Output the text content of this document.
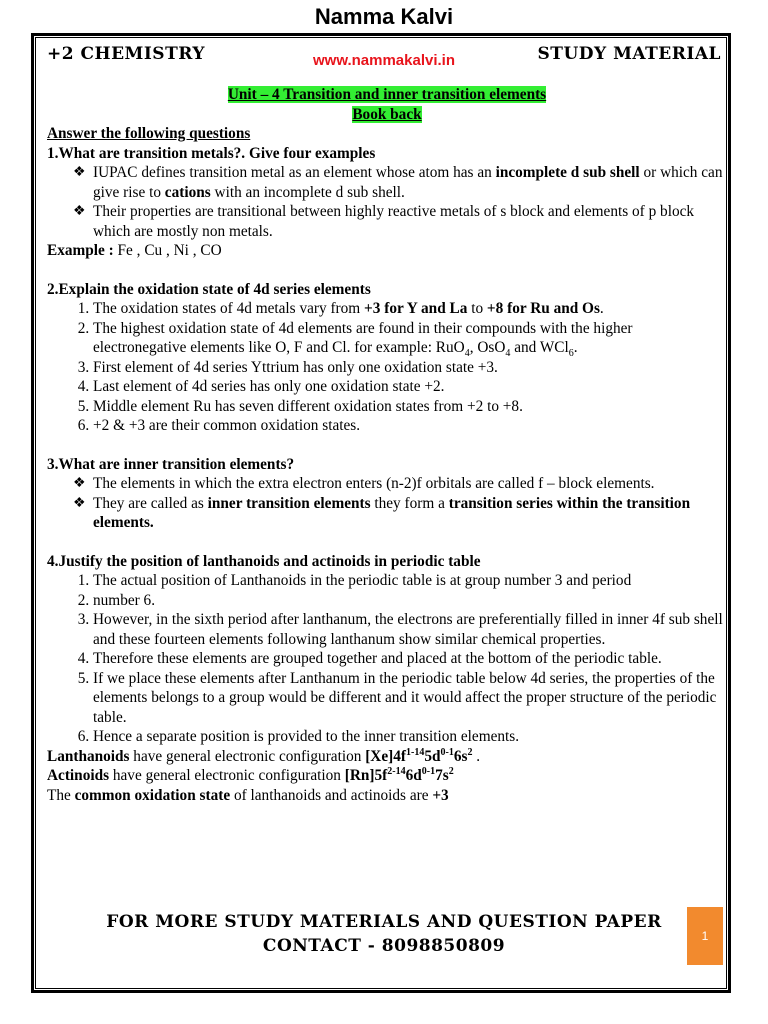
Namma Kalvi
+2 CHEMISTRY	www.nammakalvi.in	STUDY MATERIAL
Unit – 4 Transition and inner transition elements
Book back
Answer the following questions
1.What are transition metals?. Give four examples
❖ IUPAC defines transition metal as an element whose atom has an incomplete d sub shell or which can give rise to cations with an incomplete d sub shell.
❖ Their properties are transitional between highly reactive metals of s block and elements of p block which are mostly non metals.
Example : Fe , Cu , Ni , CO
2.Explain the oxidation state of 4d series elements
1. The oxidation states of 4d metals vary from +3 for Y and La to +8 for Ru and Os.
2. The highest oxidation state of 4d elements are found in their compounds with the higher electronegative elements like O, F and Cl. for example: RuO$_4$, OsO$_4$ and WCl$_6$.
3. First element of 4d series Yttrium has only one oxidation state +3.
4. Last element of 4d series has only one oxidation state +2.
5. Middle element Ru has seven different oxidation states from +2 to +8.
6. +2 & +3 are their common oxidation states.
3.What are inner transition elements?
❖ The elements in which the extra electron enters (n-2)f orbitals are called f – block elements.
❖ They are called as inner transition elements they form a transition series within the transition elements.
4.Justify the position of lanthanoids and actinoids in periodic table
1. The actual position of Lanthanoids in the periodic table is at group number 3 and period
2. number 6.
3. However, in the sixth period after lanthanum, the electrons are preferentially filled in inner 4f sub shell and these fourteen elements following lanthanum show similar chemical properties.
4. Therefore these elements are grouped together and placed at the bottom of the periodic table.
5. If we place these elements after Lanthanum in the periodic table below 4d series, the properties of the elements belongs to a group would be different and it would affect the proper structure of the periodic table.
6. Hence a separate position is provided to the inner transition elements.
Lanthanoids have general electronic configuration $[Xe]4f^{1-14}5d^{0-1}6s^2$ .
Actinoids have general electronic configuration $[Rn]5f^{2-14}6d^{0-1}7s^2$
The common oxidation state of lanthanoids and actinoids are +3
FOR MORE STUDY MATERIALS AND QUESTION PAPER
CONTACT - 8098850809	1
